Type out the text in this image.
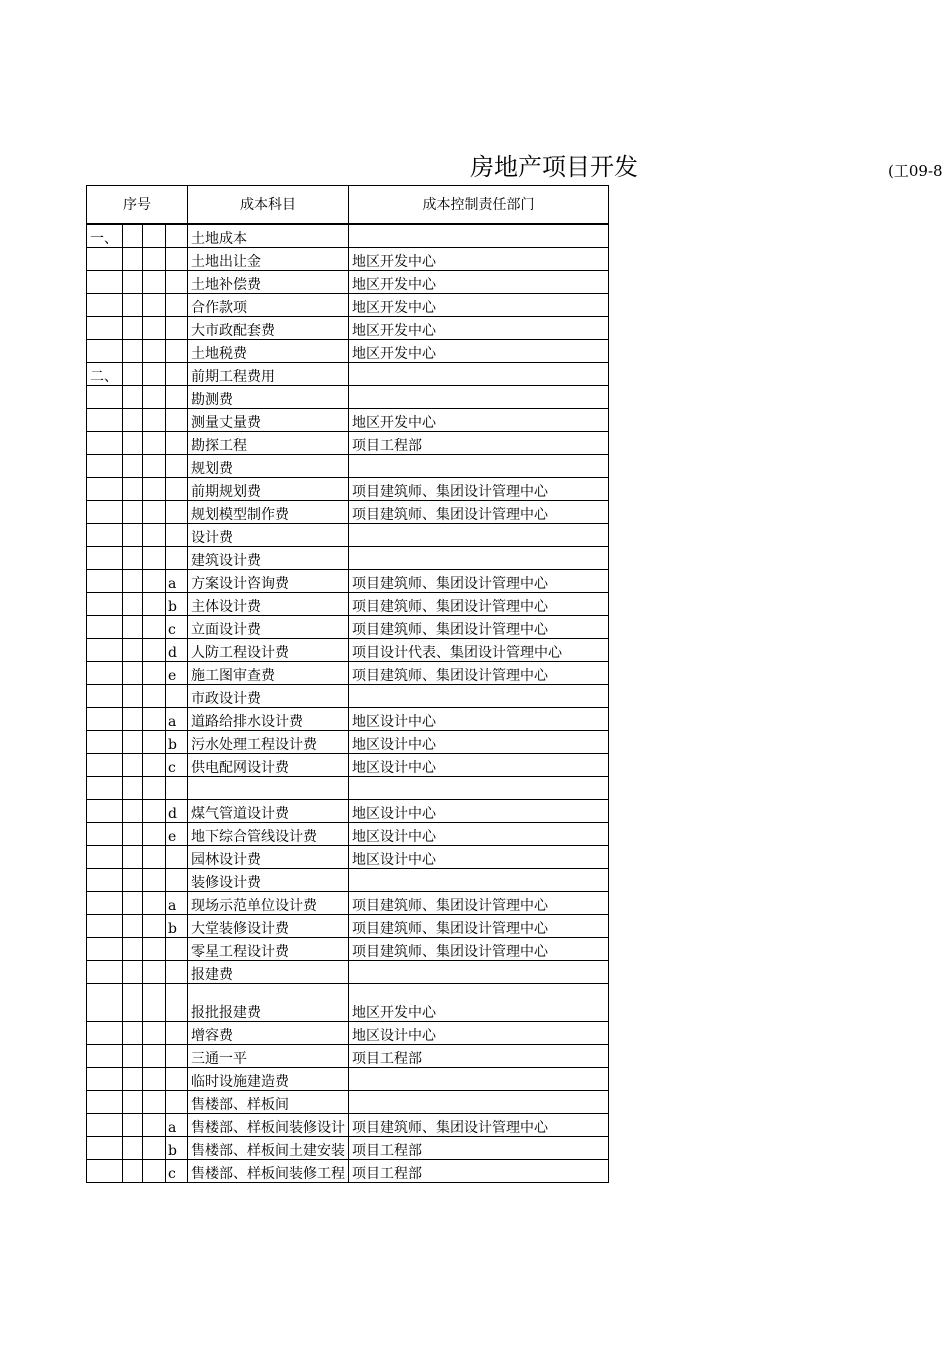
房地产项目开发	(工09-8
序号				成本科目	成本控制责任部门
一、				土地成本	
				土地出让金	地区开发中心
				土地补偿费	地区开发中心
				合作款项	地区开发中心
				大市政配套费	地区开发中心
				土地税费	地区开发中心
二、				前期工程费用	
				勘测费	
				测量丈量费	地区开发中心
				勘探工程	项目工程部
				规划费	
				前期规划费	项目建筑师、集团设计管理中心
				规划模型制作费	项目建筑师、集团设计管理中心
				设计费	
				建筑设计费	
			a	方案设计咨询费	项目建筑师、集团设计管理中心
			b	主体设计费	项目建筑师、集团设计管理中心
			c	立面设计费	项目建筑师、集团设计管理中心
			d	人防工程设计费	项目设计代表、集团设计管理中心
			e	施工图审查费	项目建筑师、集团设计管理中心
				市政设计费	
			a	道路给排水设计费	地区设计中心
			b	污水处理工程设计费	地区设计中心
			c	供电配网设计费	地区设计中心

			d	煤气管道设计费	地区设计中心
			e	地下综合管线设计费	地区设计中心
				园林设计费	地区设计中心
				装修设计费	
			a	现场示范单位设计费	项目建筑师、集团设计管理中心
			b	大堂装修设计费	项目建筑师、集团设计管理中心
				零星工程设计费	项目建筑师、集团设计管理中心
				报建费	
				报批报建费	地区开发中心
				增容费	地区设计中心
				三通一平	项目工程部
				临时设施建造费	
				售楼部、样板间	
			a	售楼部、样板间装修设计	项目建筑师、集团设计管理中心
			b	售楼部、样板间土建安装	项目工程部
			c	售楼部、样板间装修工程	项目工程部
